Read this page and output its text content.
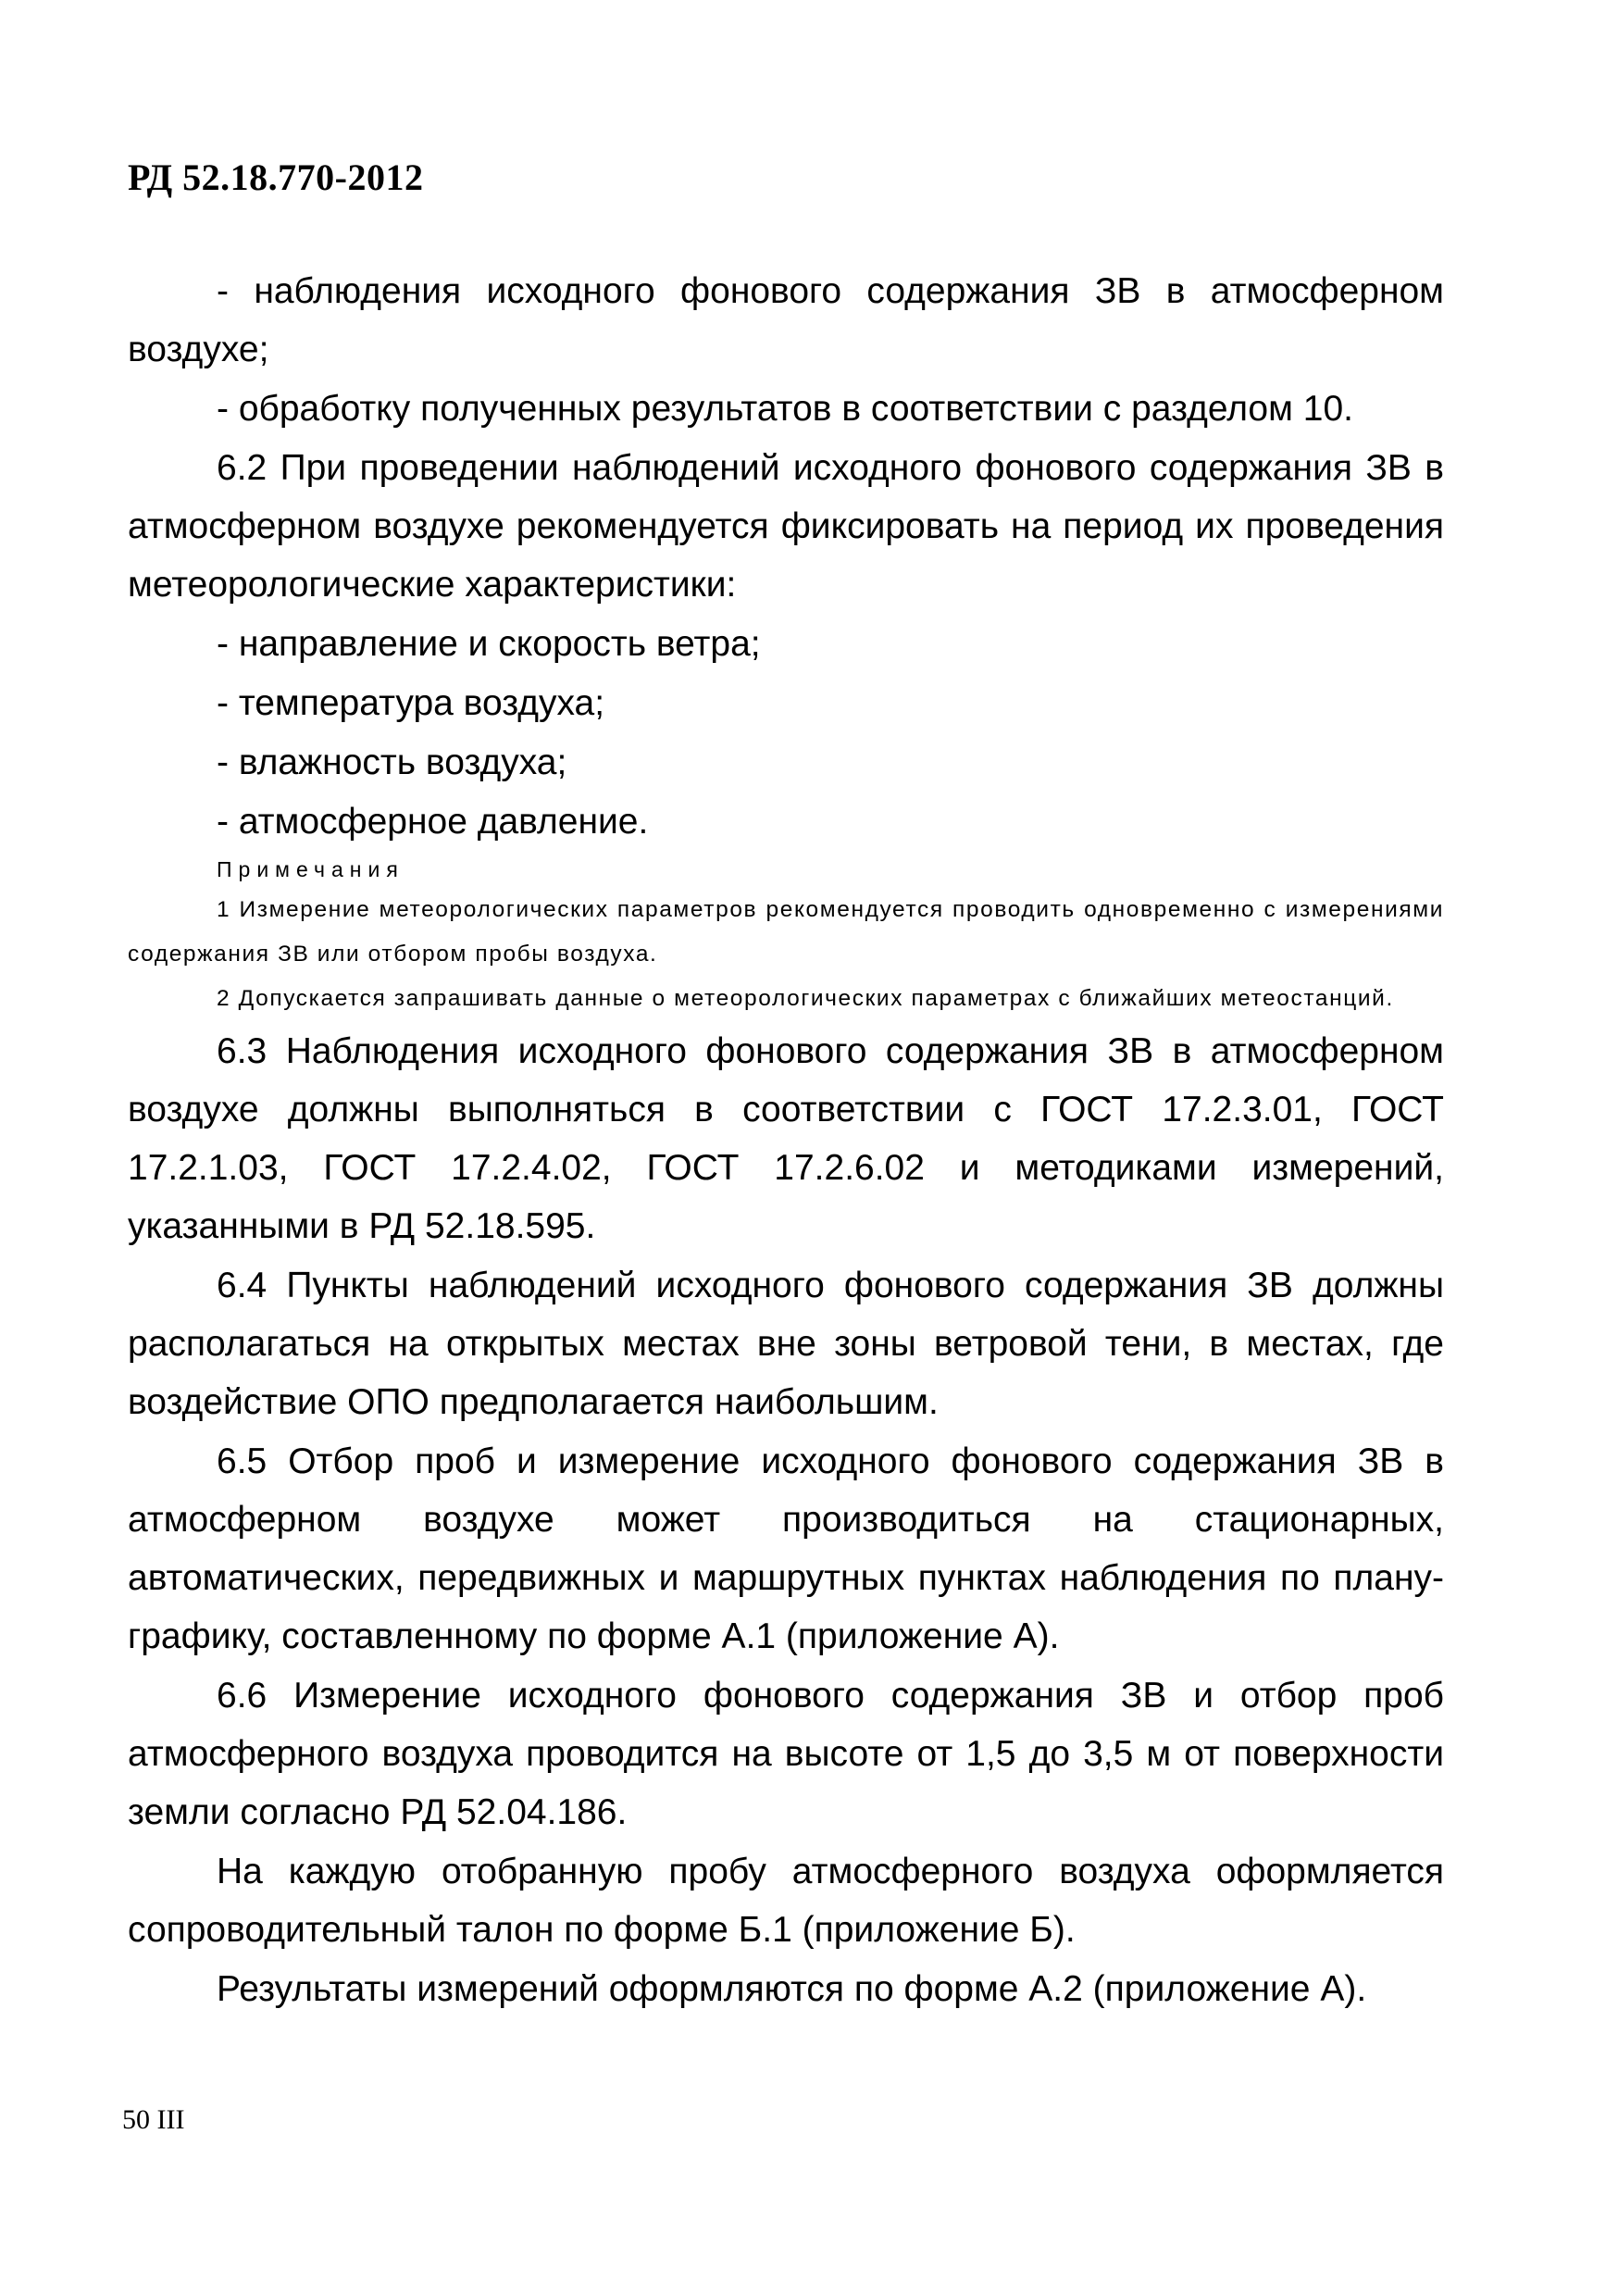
РД 52.18.770-2012

- наблюдения исходного фонового содержания ЗВ в атмосферном воздухе;

- обработку полученных результатов в соответствии с разделом 10.

6.2 При проведении наблюдений исходного фонового содержания ЗВ в атмосферном воздухе рекомендуется фиксировать на период их проведения метеорологические характеристики:

- направление и скорость ветра;

- температура воздуха;

- влажность воздуха;

- атмосферное давление.

Примечания

1 Измерение метеорологических параметров рекомендуется проводить одновременно с измерениями содержания ЗВ или отбором пробы воздуха.

2 Допускается запрашивать данные о метеорологических параметрах с ближайших метеостанций.

6.3 Наблюдения исходного фонового содержания ЗВ в атмосферном воздухе должны выполняться в соответствии с ГОСТ 17.2.3.01, ГОСТ 17.2.1.03, ГОСТ 17.2.4.02, ГОСТ 17.2.6.02 и методиками измерений, указанными в РД 52.18.595.

6.4 Пункты наблюдений исходного фонового содержания ЗВ должны располагаться на открытых местах вне зоны ветровой тени, в местах, где воздействие ОПО предполагается наибольшим.

6.5 Отбор проб и измерение исходного фонового содержания ЗВ в атмосферном воздухе может производиться на стационарных, автоматических, передвижных и маршрутных пунктах наблюдения по плану-графику, составленному по форме А.1 (приложение А).

6.6 Измерение исходного фонового содержания ЗВ и отбор проб атмосферного воздуха проводится на высоте от 1,5 до 3,5 м от поверхности земли согласно РД 52.04.186.

На каждую отобранную пробу атмосферного воздуха оформляется сопроводительный талон по форме Б.1 (приложение Б).

Результаты измерений оформляются по форме А.2 (приложение А).

50 III
